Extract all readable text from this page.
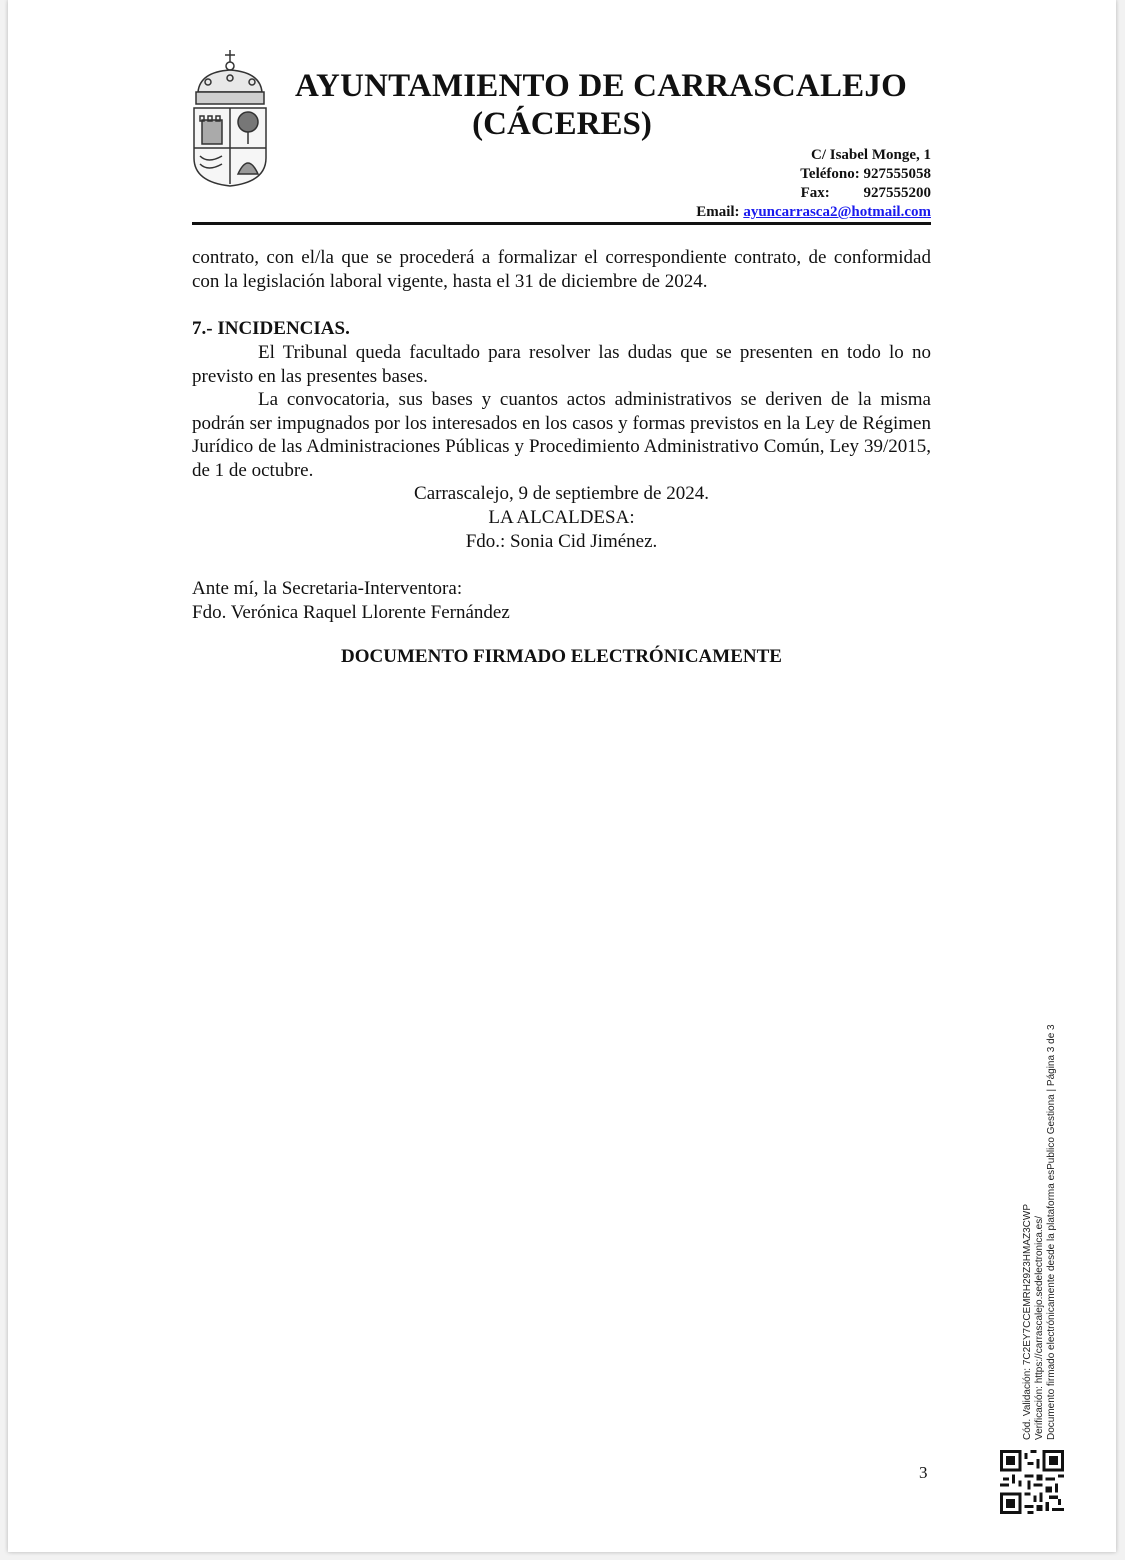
AYUNTAMIENTO DE CARRASCALEJO
(CÁCERES)
C/ Isabel Monge, 1
Teléfono: 927555058
Fax: 927555200
Email: ayuncarrasca2@hotmail.com
contrato, con el/la que se procederá a formalizar el correspondiente contrato, de conformidad con la legislación laboral vigente, hasta el 31 de diciembre de 2024.
7.- INCIDENCIAS.
El Tribunal queda facultado para resolver las dudas que se presenten en todo lo no previsto en las presentes bases.
La convocatoria, sus bases y cuantos actos administrativos se deriven de la misma podrán ser impugnados por los interesados en los casos y formas previstos en la Ley de Régimen Jurídico de las Administraciones Públicas y Procedimiento Administrativo Común, Ley 39/2015, de 1 de octubre.
Carrascalejo, 9 de septiembre de 2024.
LA ALCALDESA:
Fdo.: Sonia Cid Jiménez.
Ante mí, la Secretaria-Interventora:
Fdo. Verónica Raquel Llorente Fernández
DOCUMENTO FIRMADO ELECTRÓNICAMENTE
3
Cód. Validación: 7C2EY7CCEMRH29Z3HMAZ3CWP Verificación: https://carrascalejo.sedelectronica.es/ Documento firmado electrónicamente desde la plataforma esPublico Gestiona | Página 3 de 3
